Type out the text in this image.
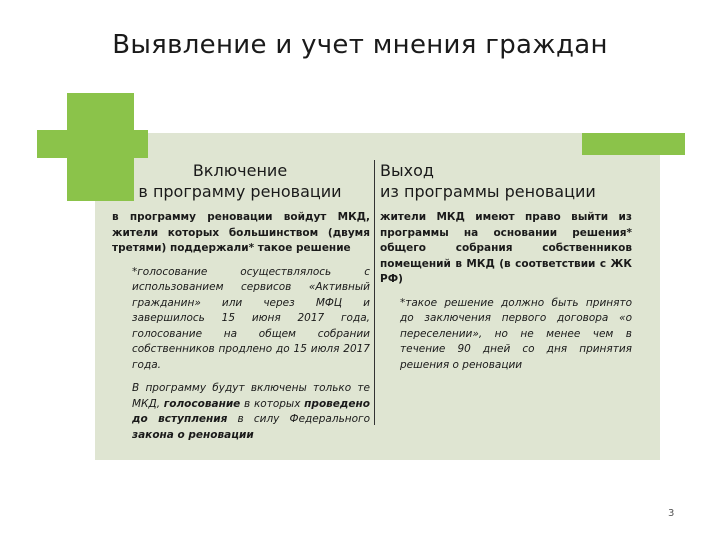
Выявление и учет мнения граждан
Включение
в программу реновации
Выход
из программы реновации

в программу реновации войдут МКД, жители которых большинством (двумя третями) поддержали* такое решение

*голосование осуществлялось с использованием сервисов «Активный гражданин» или через МФЦ и завершилось 15 июня 2017 года, голосование на общем собрании собственников продлено до 15 июля 2017 года.

В программу будут включены только те МКД, голосование в которых проведено до вступления в силу Федерального закона о реновации

жители МКД имеют право выйти из программы на основании решения* общего собрания собственников помещений в МКД (в соответствии с ЖК РФ)

*такое решение должно быть принято до заключения первого договора «о переселении», но не менее чем в течение 90 дней со дня принятия решения о реновации

3
